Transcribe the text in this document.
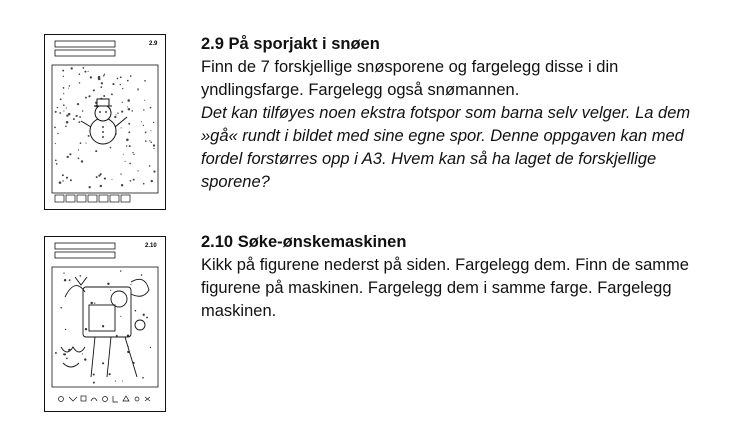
2.9	2.9 På sporjakt i snøen
Finn de 7 forskjellige snøsporene og fargelegg disse i din yndlingsfarge. Fargelegg også snømannen.
Det kan tilføyes noen ekstra fotspor som barna selv velger. La dem »gå« rundt i bildet med sine egne spor. Denne oppgaven kan med fordel forstørres opp i A3. Hvem kan så ha laget de forskjellige sporene?
2.10	2.10 Søke-ønskemaskinen
Kikk på figurene nederst på siden. Fargelegg dem. Finn de samme figurene på maskinen. Fargelegg dem i samme farge. Fargelegg maskinen.
